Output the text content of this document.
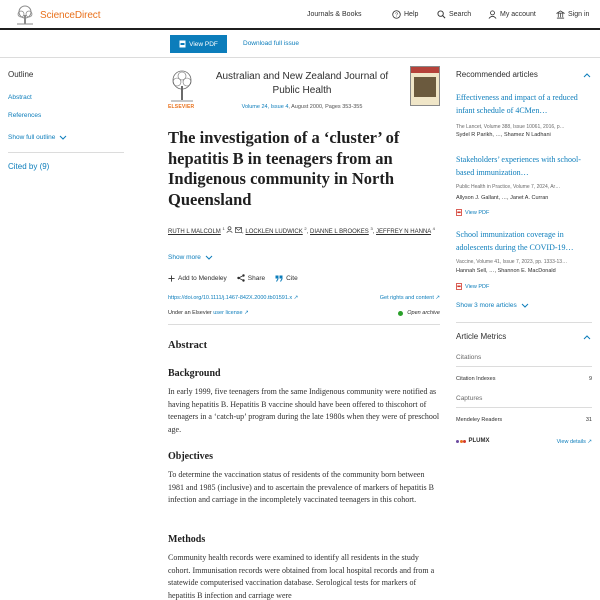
ScienceDirect	Journals & Books	? Help	Search	My account	Sign in
View PDF	Download full issue
Outline
Abstract
References
Show full outline
Cited by (9)
ELSEVIER
Australian and New Zealand Journal of Public Health
Volume 24, Issue 4, August 2000, Pages 353-355
The investigation of a ‘cluster’ of hepatitis B in teenagers from an Indigenous community in North Queensland
RUTH L MALCOLM $^1$  , LOCKLEN LUDWICK $^2$, DIANNE L BROOKES $^3$, JEFFREY N HANNA $^4$
Show more
Add to Mendeley	Share	Cite
https://doi.org/10.1111/j.1467-842X.2000.tb01591.x ↗	Get rights and content ↗
Under an Elsevier user license ↗	Open archive
Abstract
Background

In early 1999, five teenagers from the same Indigenous community were notified as having hepatitis B. Hepatitis B vaccine should have been offered to thiscohort of teenagers in a ‘catch-up’ program during the late 1980s when they were of preschool age.

Objectives

To determine the vaccination status of residents of the community born between 1981 and 1985 (inclusive) and to ascertain the prevalence of markers of hepatitis B infection and carriage in the incompletely vaccinated teenagers in this cohort.

Methods

Community health records were examined to identify all residents in the study cohort. Immunisation records were obtained from local hospital records and from a statewide computerised vaccination database. Serological tests for markers of hepatitis B infection and carriage were

Recommended articles
Effectiveness and impact of a reduced infant schedule of 4CMen…
The Lancet, Volume 388, Issue 10061, 2016, p…
Sydel R Parikh, …, Shamez N Ladhani
Stakeholders’ experiences with school-based immunization…
Public Health in Practice, Volume 7, 2024, Ar…
Allyson J. Gallant, …, Janet A. Curran
View PDF
School immunization coverage in adolescents during the COVID-19…
Vaccine, Volume 41, Issue 7, 2023, pp. 1333-13…
Hannah Sell, …, Shannon E. MacDonald
View PDF
Show 3 more articles
Article Metrics
Citations
Citation Indexes	9
Captures
Mendeley Readers	31
PLUMX	View details ↗
